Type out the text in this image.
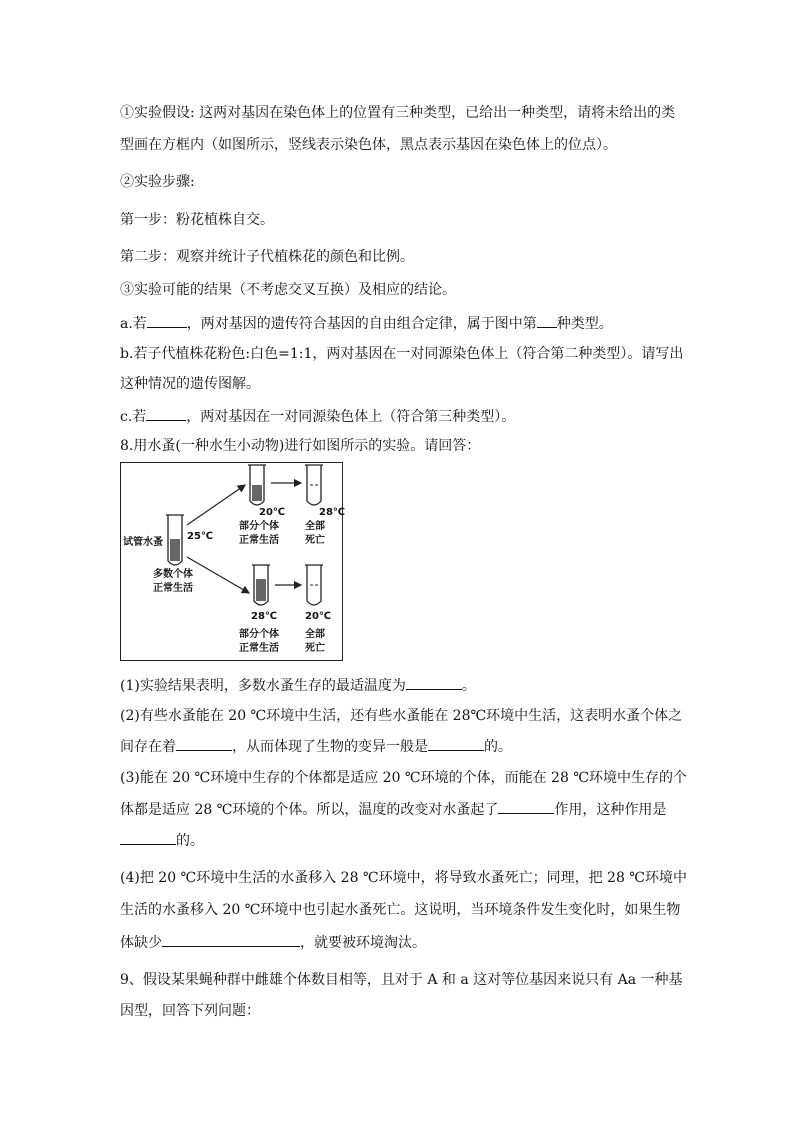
①实验假设: 这两对基因在染色体上的位置有三种类型，已给出一种类型，请将未给出的类
型画在方框内（如图所示，竖线表示染色体，黑点表示基因在染色体上的位点）。
②实验步骤:
第一步：粉花植株自交。
第二步：观察并统计子代植株花的颜色和比例。
③实验可能的结果（不考虑交叉互换）及相应的结论。
a.若	，两对基因的遗传符合基因的自由组合定律，属于图中第 种类型。
b.若子代植株花粉色:白色=1:1，两对基因在一对同源染色体上（符合第二种类型）。请写出
这种情况的遗传图解。
c.若	，两对基因在一对同源染色体上（符合第三种类型）。
8.用水蚤(一种水生小动物)进行如图所示的实验。请回答：
试管水蚤
25℃
多数个体
正常生活
20℃	28℃
部分个体
正常生活
全部
死亡
28℃	20℃
部分个体
正常生活
全部
死亡
(1)实验结果表明，多数水蚤生存的最适温度为	。
(2)有些水蚤能在 20 ℃环境中生活，还有些水蚤能在 28℃环境中生活，这表明水蚤个体之
间存在着	，从而体现了生物的变异一般是	的。
(3)能在 20 ℃环境中生存的个体都是适应 20 ℃环境的个体，而能在 28 ℃环境中生存的个
体都是适应 28 ℃环境的个体。所以，温度的改变对水蚤起了	作用，这种作用是
的。
(4)把 20 ℃环境中生活的水蚤移入 28 ℃环境中，将导致水蚤死亡；同理，把 28 ℃环境中
生活的水蚤移入 20 ℃环境中也引起水蚤死亡。这说明，当环境条件发生变化时，如果生物
体缺少	，就要被环境淘汰。
9、假设某果蝇种群中雌雄个体数目相等，且对于 A 和 a 这对等位基因来说只有 Aa 一种基
因型，回答下列问题：
